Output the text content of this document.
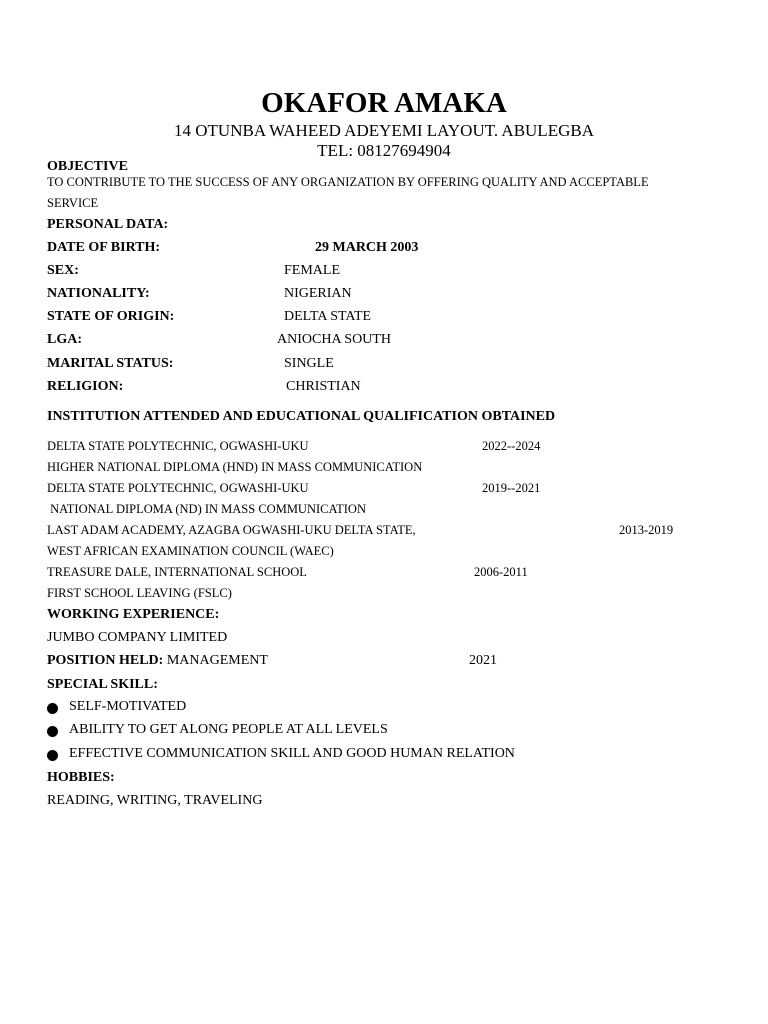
OKAFOR AMAKA
14 OTUNBA WAHEED ADEYEMI LAYOUT. ABULEGBA
TEL: 08127694904
OBJECTIVE
TO CONTRIBUTE TO THE SUCCESS OF ANY ORGANIZATION BY OFFERING QUALITY AND ACCEPTABLE
SERVICE
PERSONAL DATA:
DATE OF BIRTH:	29 MARCH 2003
SEX:	FEMALE
NATIONALITY:	NIGERIAN
STATE OF ORIGIN:	DELTA STATE
LGA:	ANIOCHA SOUTH
MARITAL STATUS:	SINGLE
RELIGION:	CHRISTIAN
INSTITUTION ATTENDED AND EDUCATIONAL QUALIFICATION OBTAINED
DELTA STATE POLYTECHNIC, OGWASHI-UKU	2022--2024
HIGHER NATIONAL DIPLOMA (HND) IN MASS COMMUNICATION
DELTA STATE POLYTECHNIC, OGWASHI-UKU	2019--2021
NATIONAL DIPLOMA (ND) IN MASS COMMUNICATION
LAST ADAM ACADEMY, AZAGBA OGWASHI-UKU DELTA STATE,	2013-2019
WEST AFRICAN EXAMINATION COUNCIL (WAEC)
TREASURE DALE, INTERNATIONAL SCHOOL	2006-2011
FIRST SCHOOL LEAVING (FSLC)
WORKING EXPERIENCE:
JUMBO COMPANY LIMITED
POSITION HELD: MANAGEMENT	2021
SPECIAL SKILL:
SELF-MOTIVATED
ABILITY TO GET ALONG PEOPLE AT ALL LEVELS
EFFECTIVE COMMUNICATION SKILL AND GOOD HUMAN RELATION
HOBBIES:
READING, WRITING, TRAVELING
